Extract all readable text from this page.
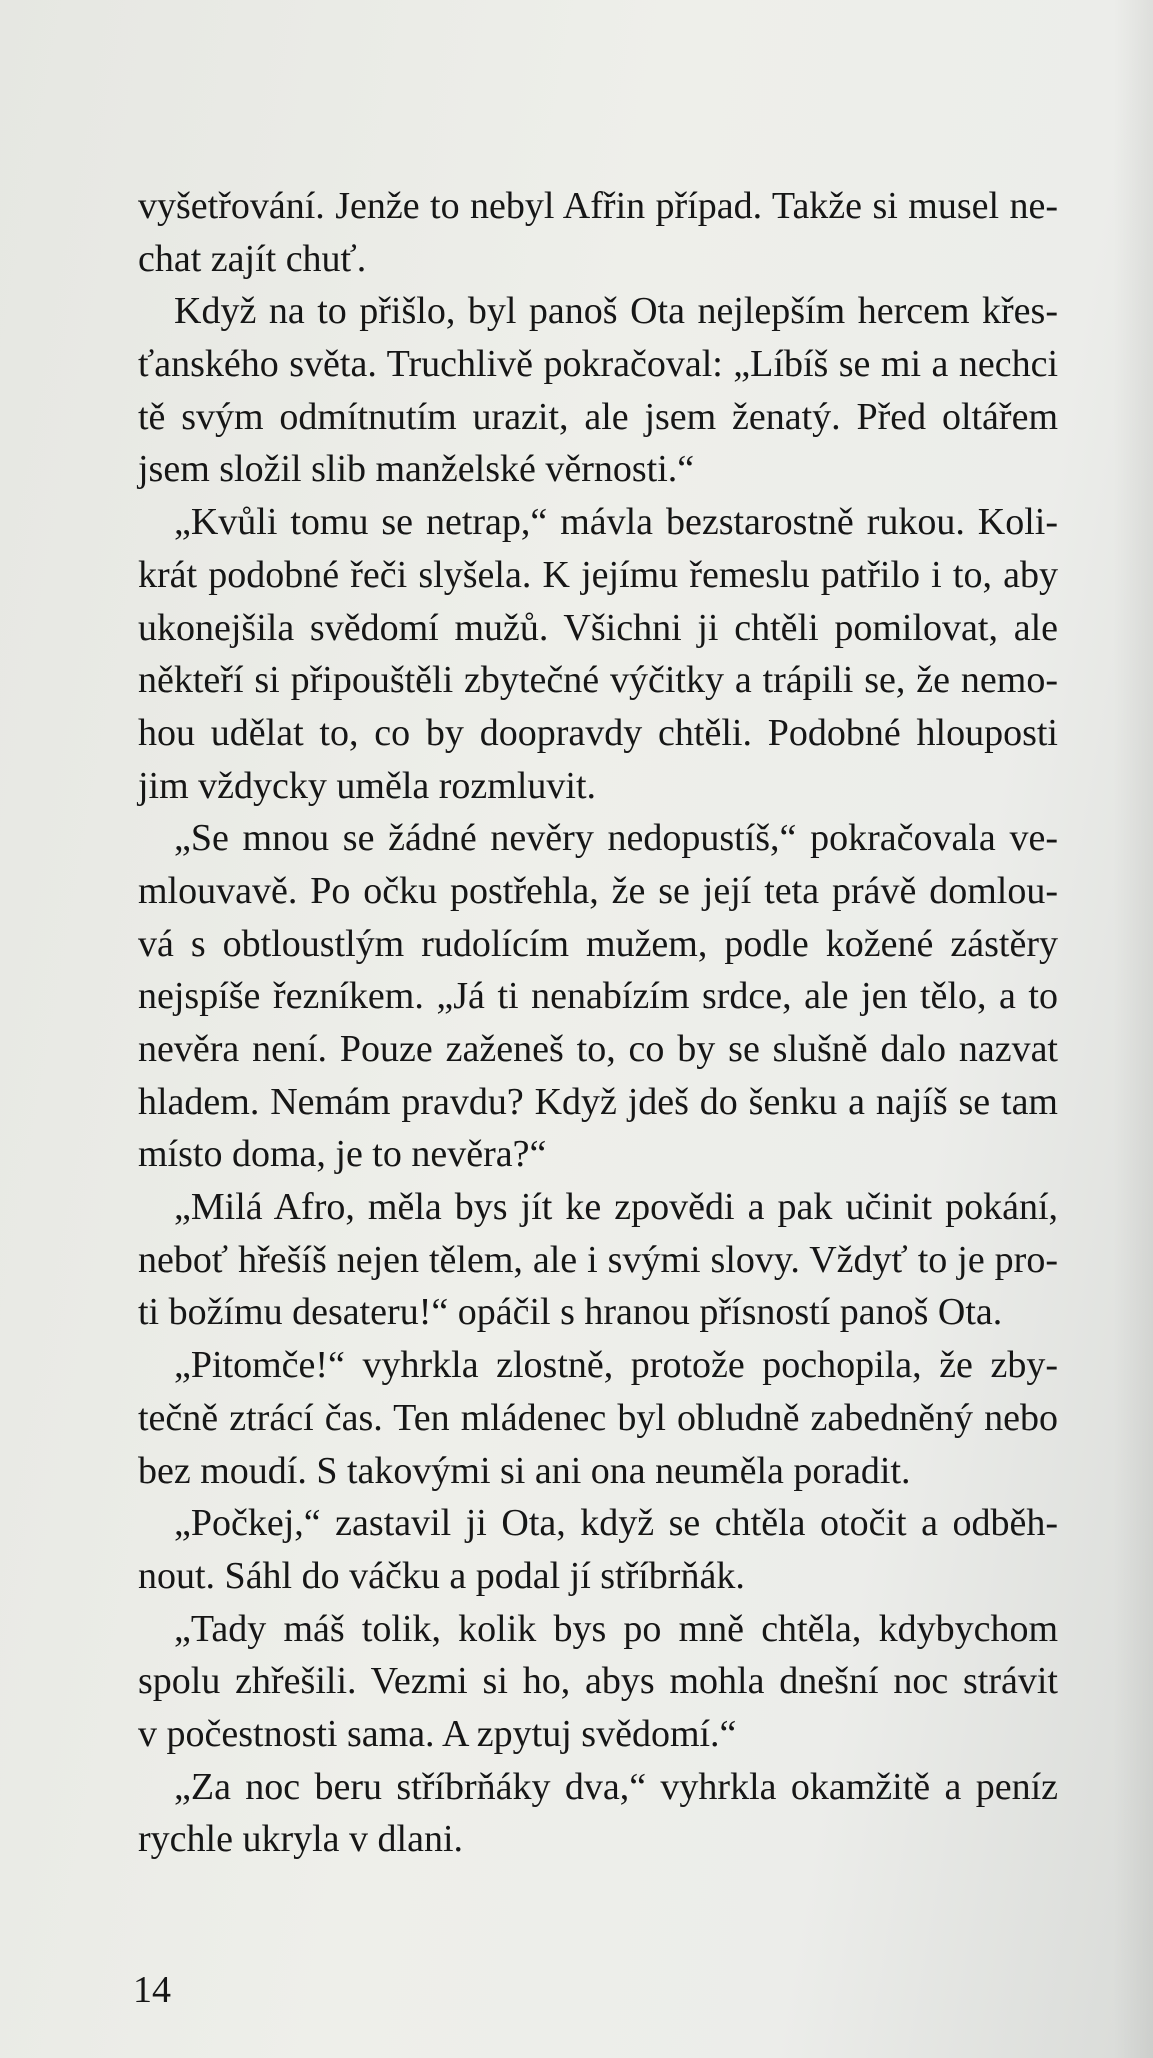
vyšetřování. Jenže to nebyl Afřin případ. Takže si musel ne-
chat zajít chuť.
Když na to přišlo, byl panoš Ota nejlepším hercem křes-
ťanského světa. Truchlivě pokračoval: „Líbíš se mi a nechci
tě svým odmítnutím urazit, ale jsem ženatý. Před oltářem
jsem složil slib manželské věrnosti.“
„Kvůli tomu se netrap,“ mávla bezstarostně rukou. Koli-
krát podobné řeči slyšela. K jejímu řemeslu patřilo i to, aby
ukonejšila svědomí mužů. Všichni ji chtěli pomilovat, ale
někteří si připouštěli zbytečné výčitky a trápili se, že nemo-
hou udělat to, co by doopravdy chtěli. Podobné hlouposti
jim vždycky uměla rozmluvit.
„Se mnou se žádné nevěry nedopustíš,“ pokračovala ve-
mlouvavě. Po očku postřehla, že se její teta právě domlou-
vá s obtloustlým rudolícím mužem, podle kožené zástěry
nejspíše řezníkem. „Já ti nenabízím srdce, ale jen tělo, a to
nevěra není. Pouze zaženeš to, co by se slušně dalo nazvat
hladem. Nemám pravdu? Když jdeš do šenku a najíš se tam
místo doma, je to nevěra?“
„Milá Afro, měla bys jít ke zpovědi a pak učinit pokání,
neboť hřešíš nejen tělem, ale i svými slovy. Vždyť to je pro-
ti božímu desateru!“ opáčil s hranou přísností panoš Ota.
„Pitomče!“ vyhrkla zlostně, protože pochopila, že zby-
tečně ztrácí čas. Ten mládenec byl obludně zabedněný nebo
bez moudí. S takovými si ani ona neuměla poradit.
„Počkej,“ zastavil ji Ota, když se chtěla otočit a odběh-
nout. Sáhl do váčku a podal jí stříbrňák.
„Tady máš tolik, kolik bys po mně chtěla, kdybychom
spolu zhřešili. Vezmi si ho, abys mohla dnešní noc strávit
v počestnosti sama. A zpytuj svědomí.“
„Za noc beru stříbrňáky dva,“ vyhrkla okamžitě a peníz
rychle ukryla v dlani.
14
